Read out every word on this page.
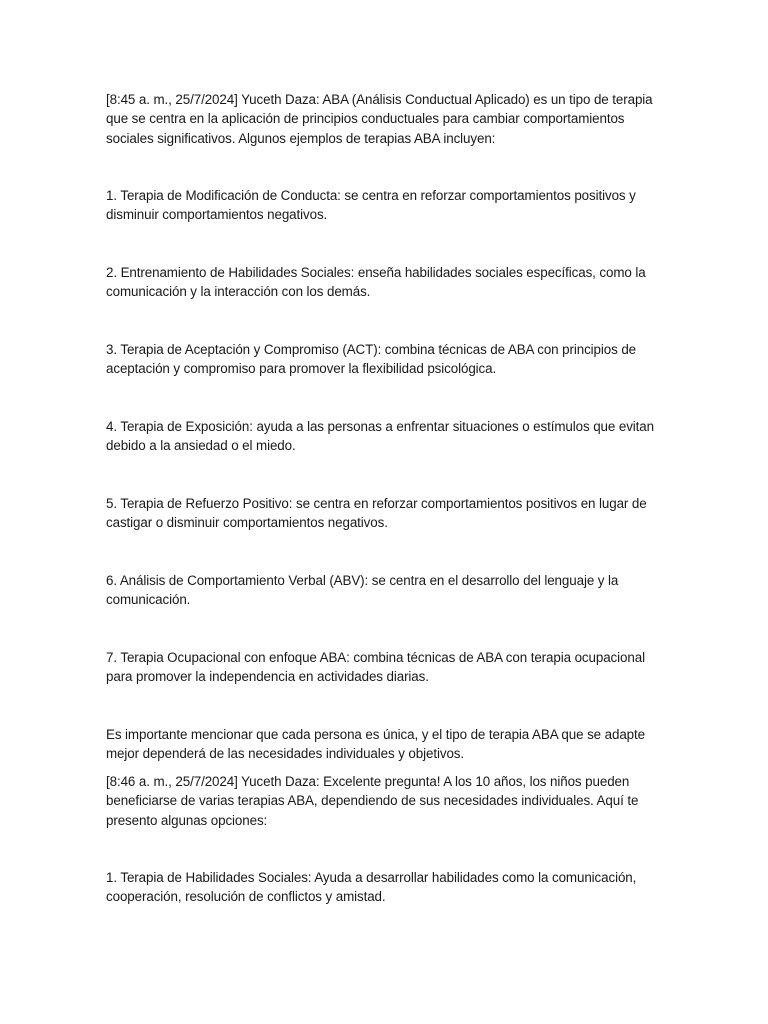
[8:45 a. m., 25/7/2024] Yuceth Daza: ABA (Análisis Conductual Aplicado) es un tipo de terapia que se centra en la aplicación de principios conductuales para cambiar comportamientos sociales significativos. Algunos ejemplos de terapias ABA incluyen:

1. Terapia de Modificación de Conducta: se centra en reforzar comportamientos positivos y disminuir comportamientos negativos.

2. Entrenamiento de Habilidades Sociales: enseña habilidades sociales específicas, como la comunicación y la interacción con los demás.

3. Terapia de Aceptación y Compromiso (ACT): combina técnicas de ABA con principios de aceptación y compromiso para promover la flexibilidad psicológica.

4. Terapia de Exposición: ayuda a las personas a enfrentar situaciones o estímulos que evitan debido a la ansiedad o el miedo.

5. Terapia de Refuerzo Positivo: se centra en reforzar comportamientos positivos en lugar de castigar o disminuir comportamientos negativos.

6. Análisis de Comportamiento Verbal (ABV): se centra en el desarrollo del lenguaje y la comunicación.

7. Terapia Ocupacional con enfoque ABA: combina técnicas de ABA con terapia ocupacional para promover la independencia en actividades diarias.

Es importante mencionar que cada persona es única, y el tipo de terapia ABA que se adapte mejor dependerá de las necesidades individuales y objetivos.

[8:46 a. m., 25/7/2024] Yuceth Daza: Excelente pregunta! A los 10 años, los niños pueden beneficiarse de varias terapias ABA, dependiendo de sus necesidades individuales. Aquí te presento algunas opciones:

1. Terapia de Habilidades Sociales: Ayuda a desarrollar habilidades como la comunicación, cooperación, resolución de conflictos y amistad.
